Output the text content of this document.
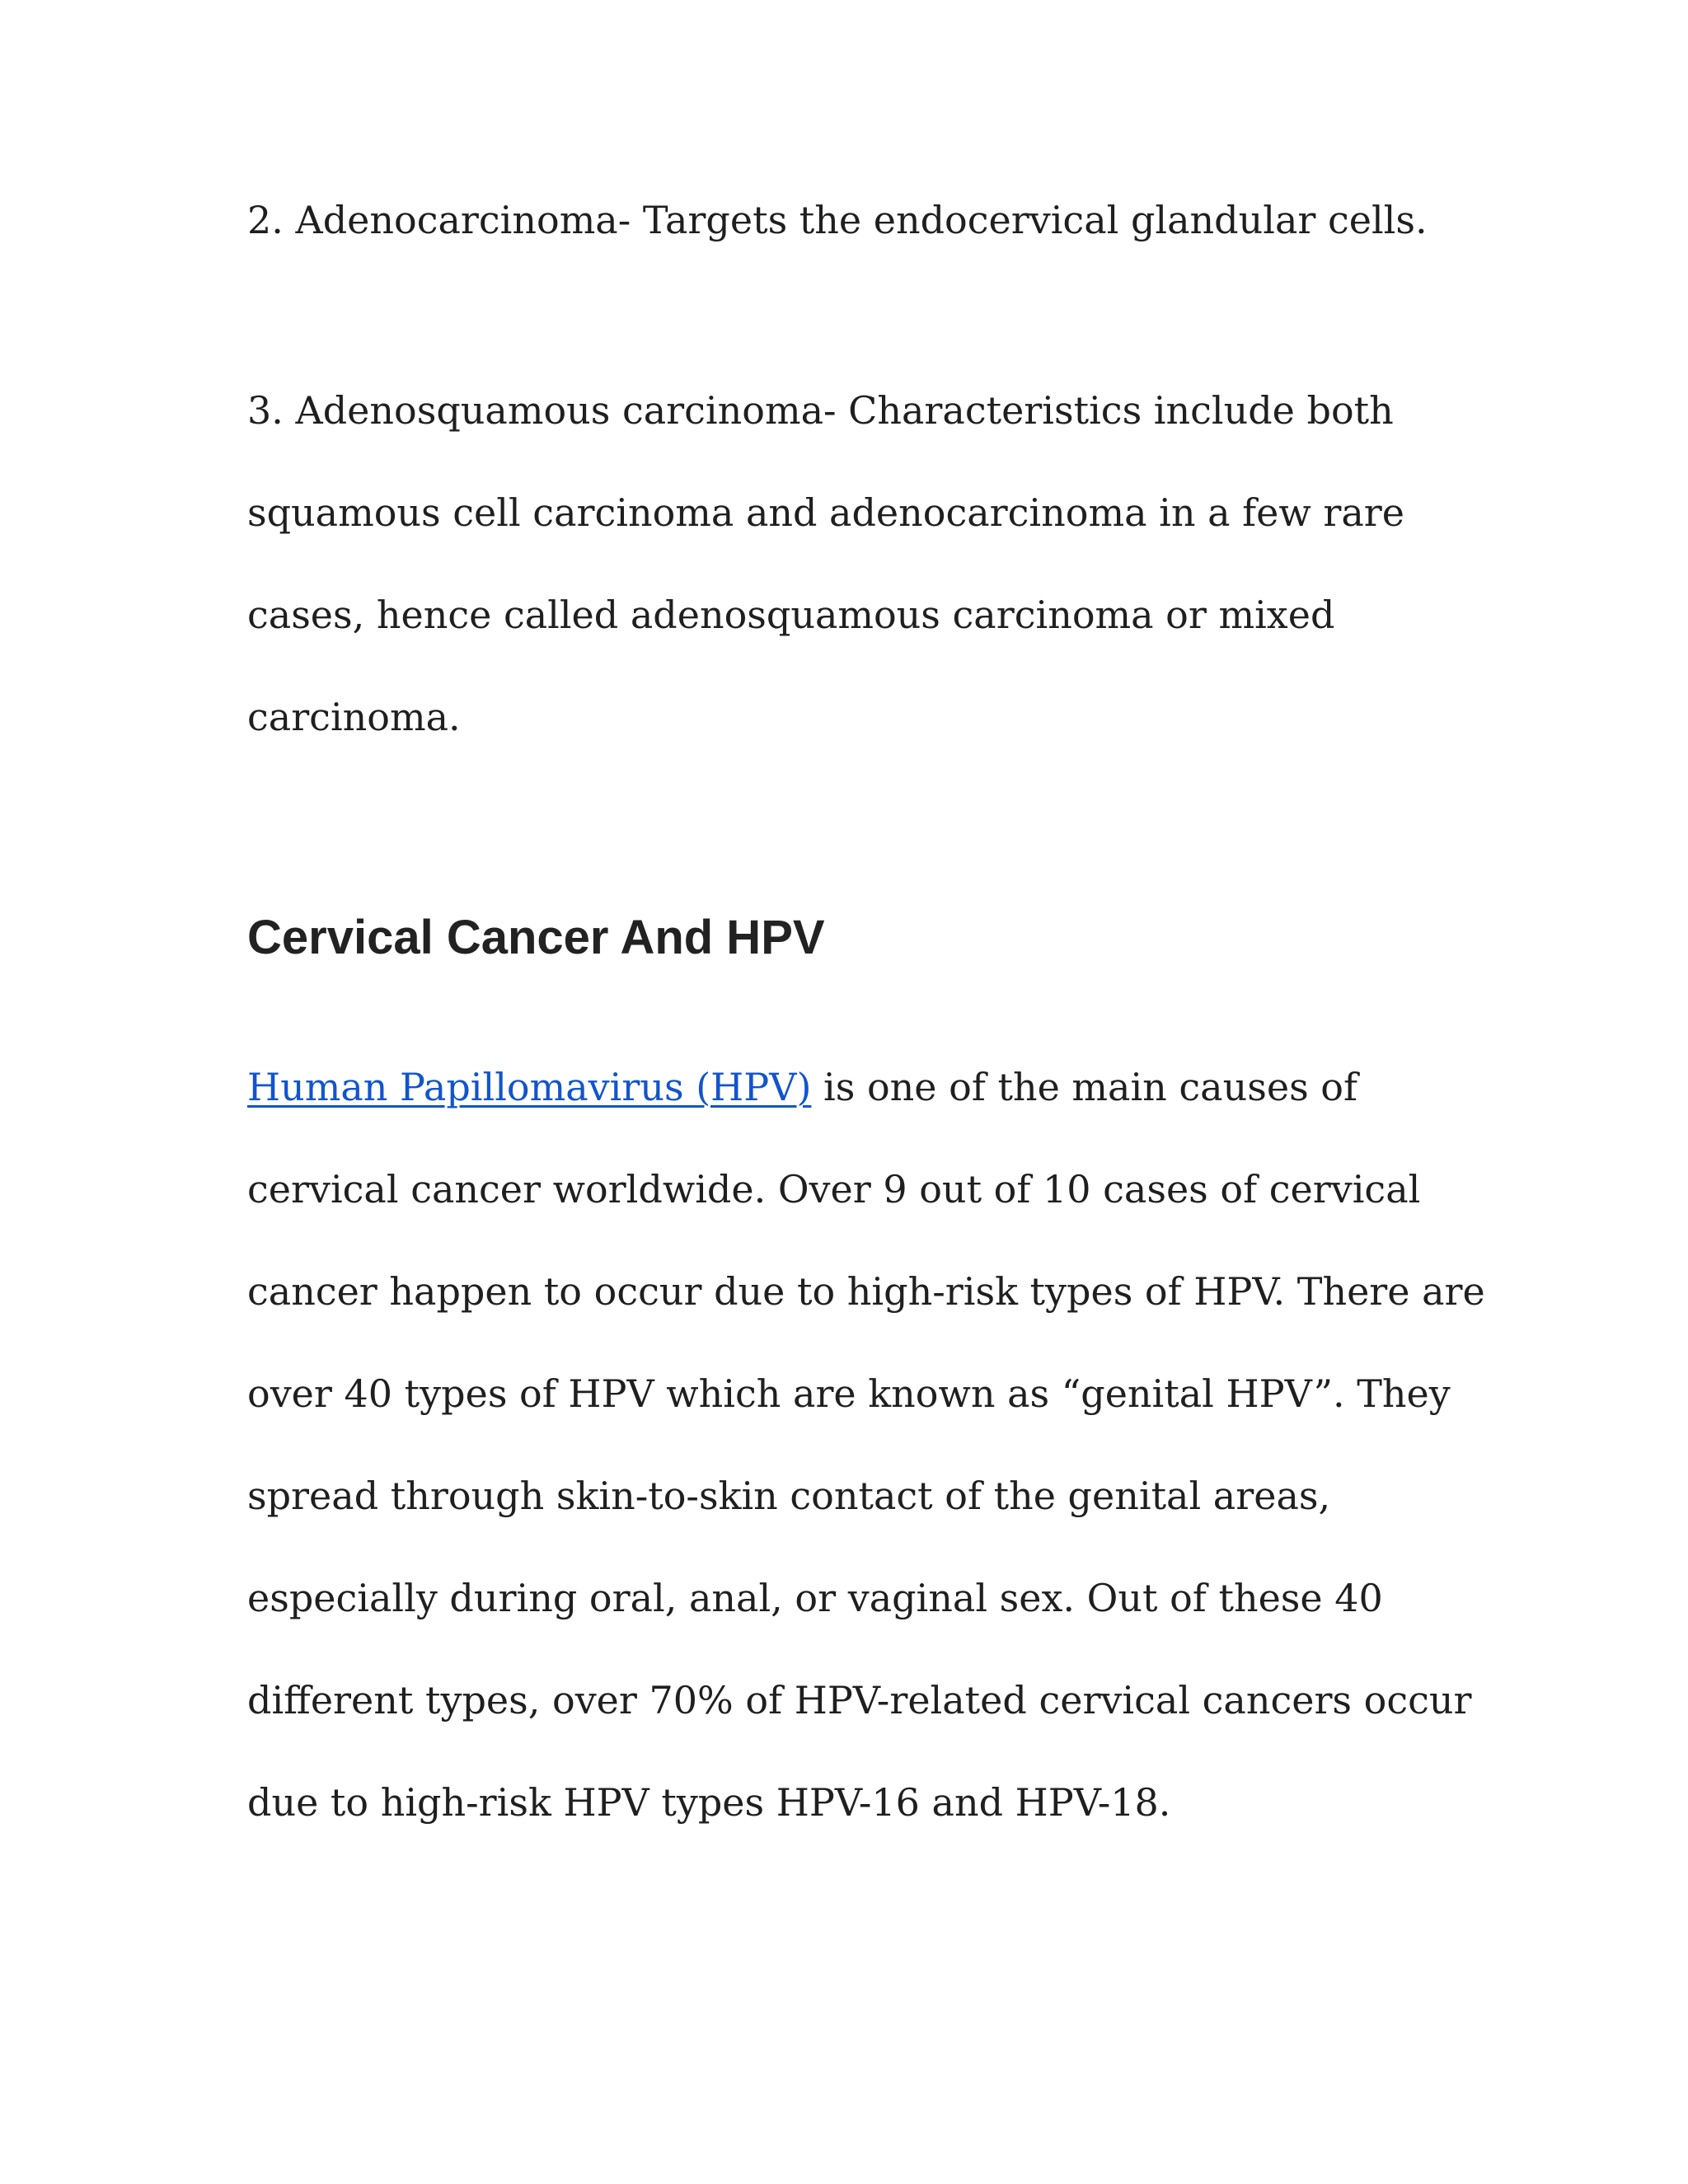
2. Adenocarcinoma- Targets the endocervical glandular cells.

3. Adenosquamous carcinoma- Characteristics include both
squamous cell carcinoma and adenocarcinoma in a few rare
cases, hence called adenosquamous carcinoma or mixed
carcinoma.

Cervical Cancer And HPV

Human Papillomavirus (HPV) is one of the main causes of
cervical cancer worldwide. Over 9 out of 10 cases of cervical
cancer happen to occur due to high-risk types of HPV. There are
over 40 types of HPV which are known as “genital HPV”. They
spread through skin-to-skin contact of the genital areas,
especially during oral, anal, or vaginal sex. Out of these 40
different types, over 70% of HPV-related cervical cancers occur
due to high-risk HPV types HPV-16 and HPV-18.
